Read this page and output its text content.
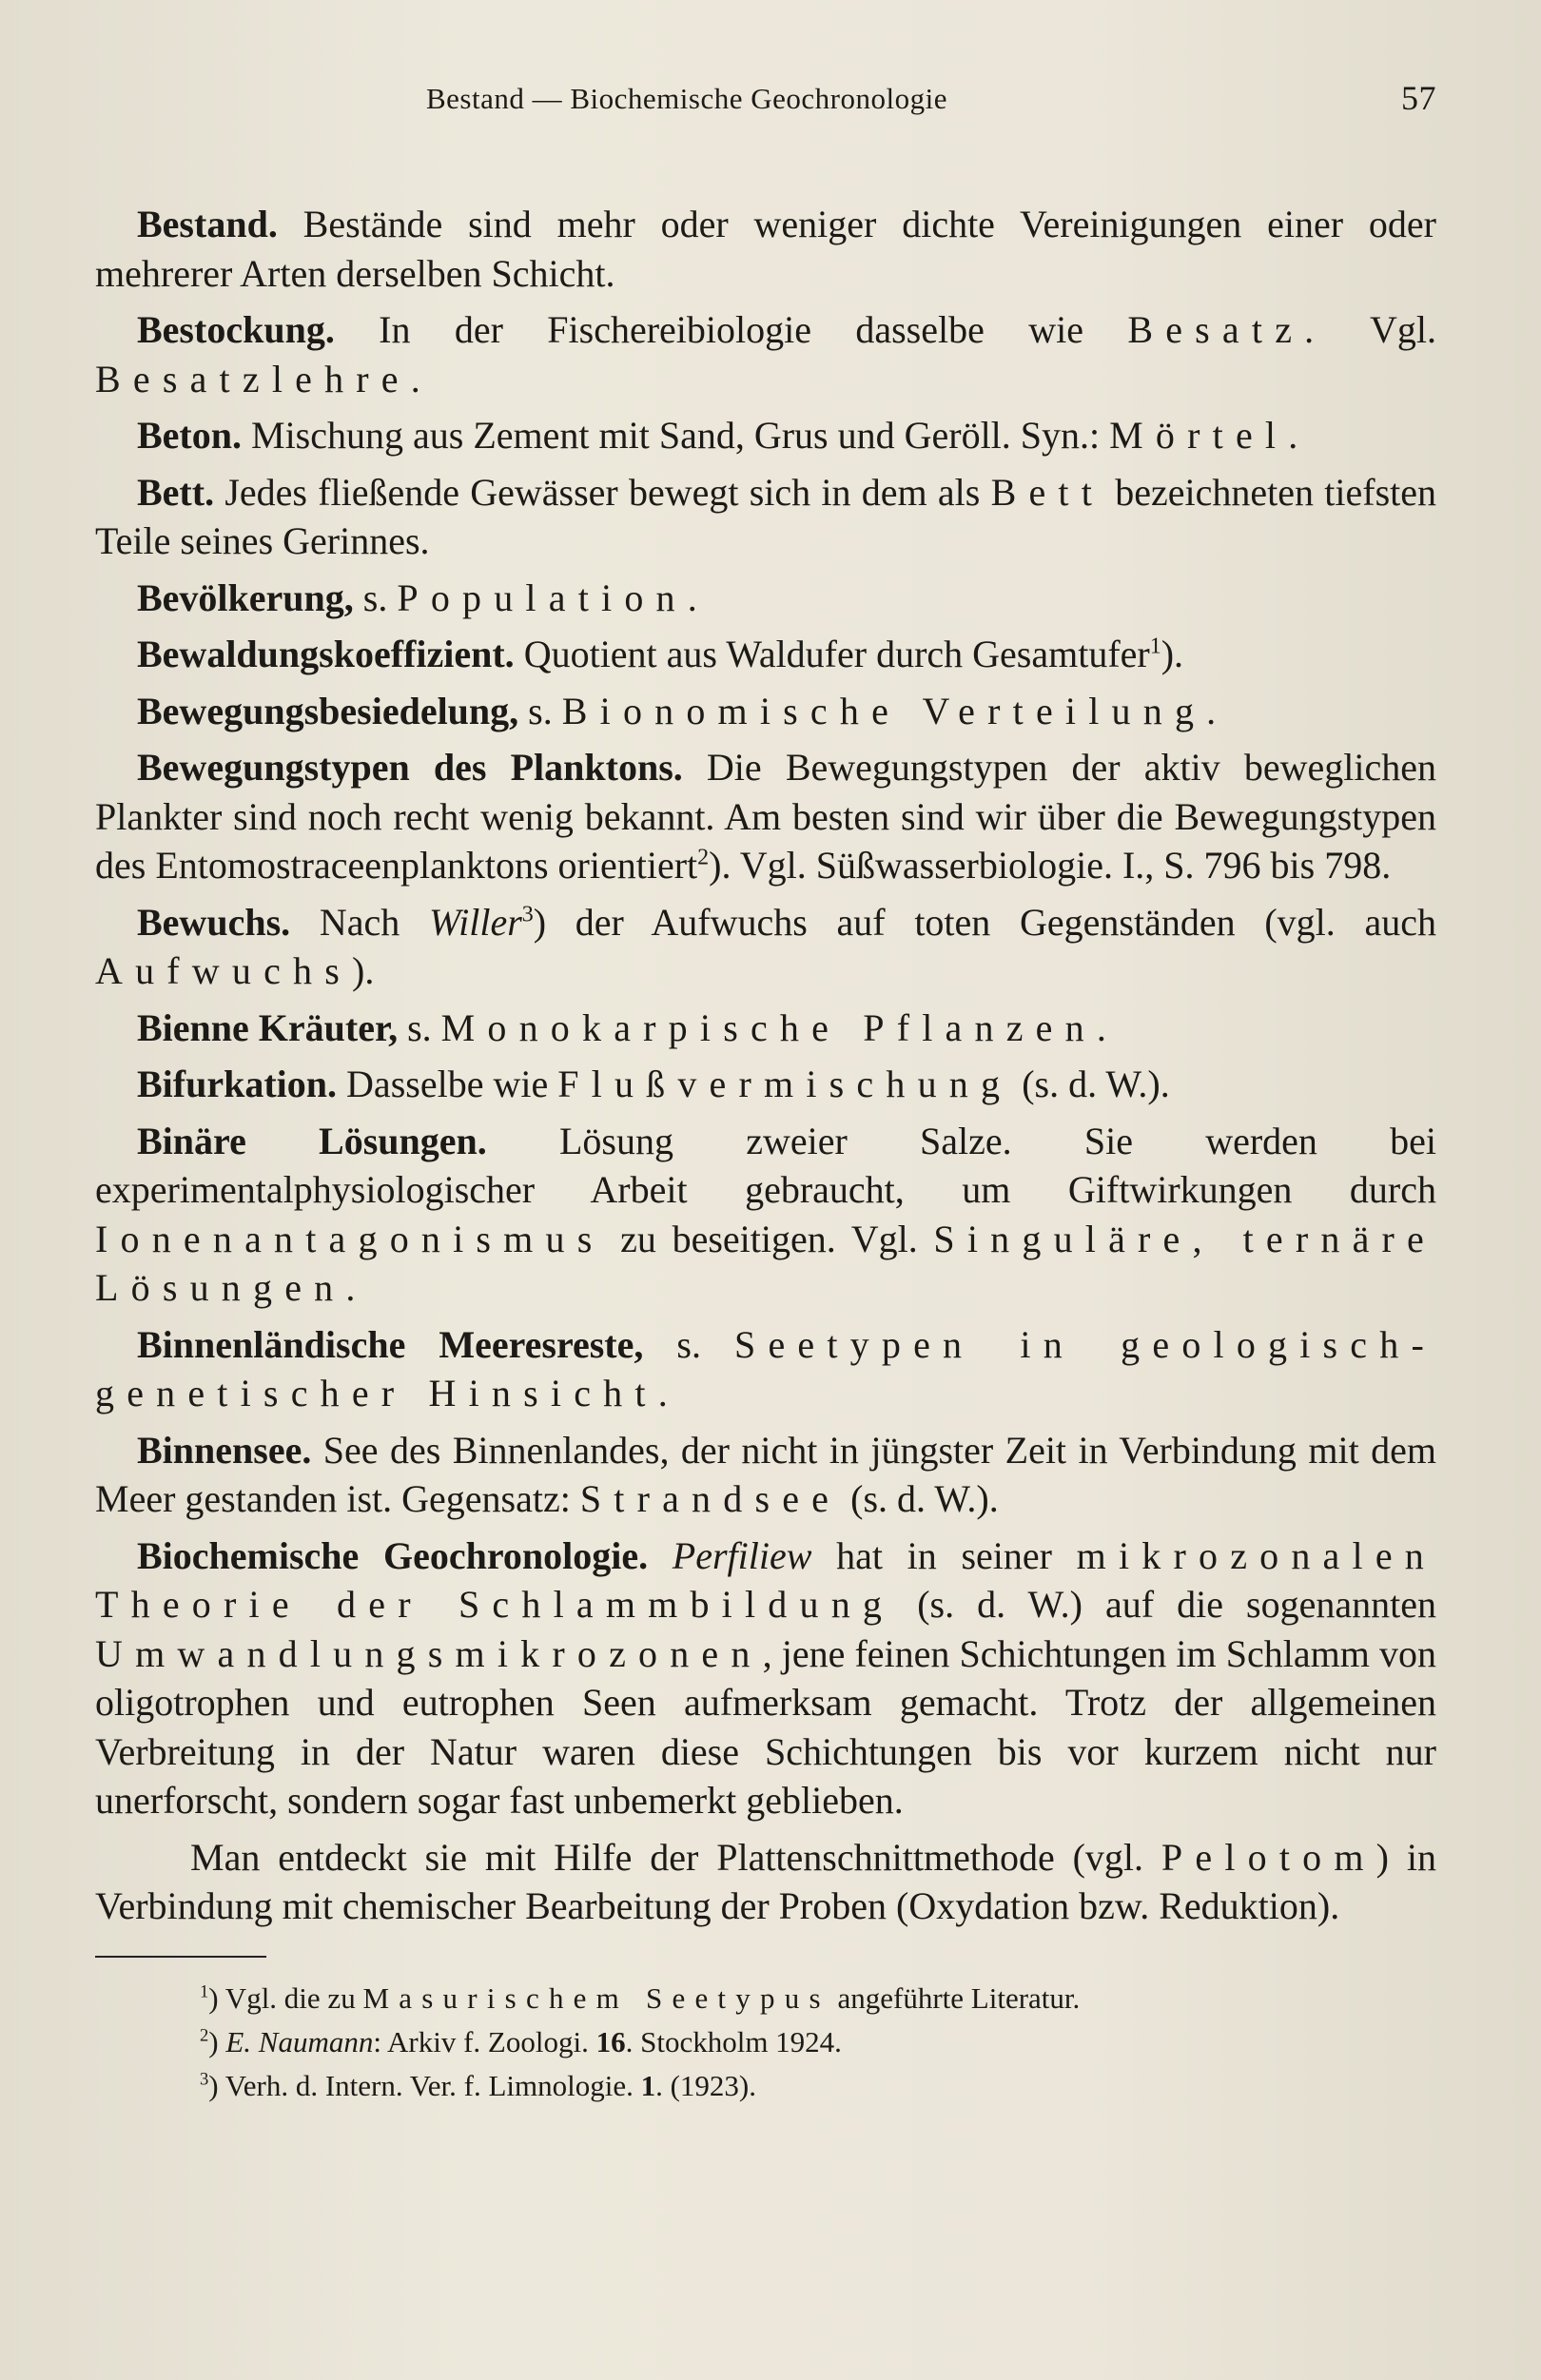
Bestand — Biochemische Geochronologie	57

Bestand. Bestände sind mehr oder weniger dichte Vereinigungen einer oder mehrerer Arten derselben Schicht.

Bestockung. In der Fischereibiologie dasselbe wie Besatz. Vgl. Besatzlehre.

Beton. Mischung aus Zement mit Sand, Grus und Geröll. Syn.: Mörtel.

Bett. Jedes fließende Gewässer bewegt sich in dem als Bett bezeichneten tiefsten Teile seines Gerinnes.

Bevölkerung, s. Population.

Bewaldungskoeffizient. Quotient aus Waldufer durch Gesamtufer$^1$).

Bewegungsbesiedelung, s. Bionomische Verteilung.

Bewegungstypen des Planktons. Die Bewegungstypen der aktiv beweglichen Plankter sind noch recht wenig bekannt. Am besten sind wir über die Bewegungstypen des Entomostraceenplanktons orientiert$^2$). Vgl. Süßwasserbiologie. I., S. 796 bis 798.

Bewuchs. Nach Willer$^3$) der Aufwuchs auf toten Gegenständen (vgl. auch Aufwuchs).

Bienne Kräuter, s. Monokarpische Pflanzen.

Bifurkation. Dasselbe wie Flußvermischung (s. d. W.).

Binäre Lösungen. Lösung zweier Salze. Sie werden bei experimentalphysiologischer Arbeit gebraucht, um Giftwirkungen durch Ionenantagonismus zu beseitigen. Vgl. Singuläre, ternäre Lösungen.

Binnenländische Meeresreste, s. Seetypen in geologisch-genetischer Hinsicht.

Binnensee. See des Binnenlandes, der nicht in jüngster Zeit in Verbindung mit dem Meer gestanden ist. Gegensatz: Strandsee (s. d. W.).

Biochemische Geochronologie. Perfiliew hat in seiner mikrozonalen Theorie der Schlammbildung (s. d. W.) auf die sogenannten Umwandlungsmikrozonen, jene feinen Schichtungen im Schlamm von oligotrophen und eutrophen Seen aufmerksam gemacht. Trotz der allgemeinen Verbreitung in der Natur waren diese Schichtungen bis vor kurzem nicht nur unerforscht, sondern sogar fast unbemerkt geblieben.

Man entdeckt sie mit Hilfe der Plattenschnittmethode (vgl. Pelotom) in Verbindung mit chemischer Bearbeitung der Proben (Oxydation bzw. Reduktion).

$^1$) Vgl. die zu Masurischem Seetypus angeführte Literatur.
$^2$) E. Naumann: Arkiv f. Zoologi. 16. Stockholm 1924.
$^3$) Verh. d. Intern. Ver. f. Limnologie. 1. (1923).
